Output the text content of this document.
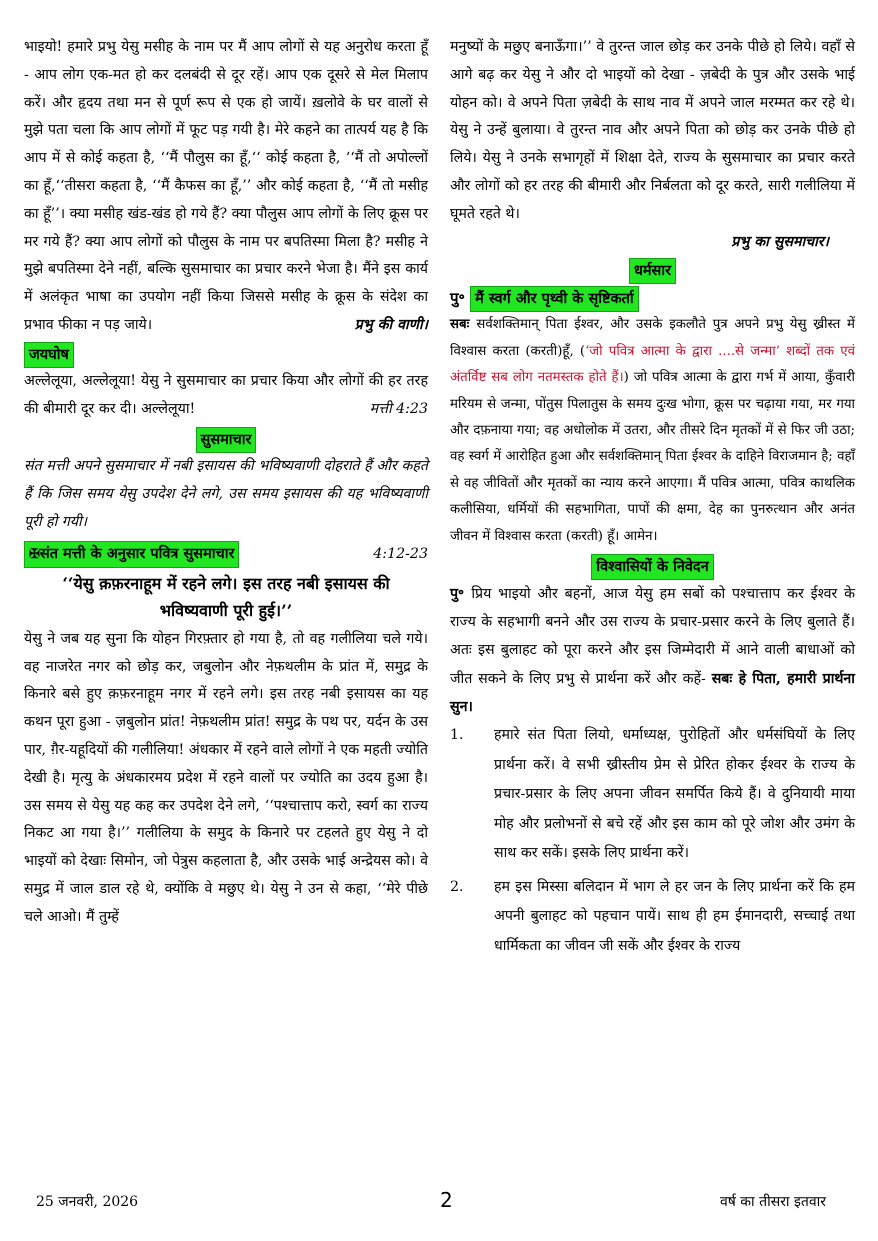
भाइयो! हमारे प्रभु येसु मसीह के नाम पर मैं आप लोगों से यह अनुरोध करता हूँ - आप लोग एक-मत हो कर दलबंदी से दूर रहें। आप एक दूसरे से मेल मिलाप करें। और हृदय तथा मन से पूर्ण रूप से एक हो जायें। ख़लोवे के घर वालों से मुझे पता चला कि आप लोगों में फूट पड़ गयी है। मेरे कहने का तात्पर्य यह है कि आप में से कोई कहता है, ‘‘मैं पौलुस का हूँ,‘‘ कोई कहता है, ‘‘मैं तो अपोल्लों का हूँ,‘‘तीसरा कहता है, ‘‘मैं कैफस का हूँ,’’ और कोई कहता है, ‘‘मैं तो मसीह का हूँ’’। क्या मसीह खंड-खंड हो गये हैं? क्या पौलुस आप लोगों के लिए क्रूस पर मर गये हैं? क्या आप लोगों को पौलुस के नाम पर बपतिस्मा मिला है? मसीह ने मुझे बपतिस्मा देने नहीं, बल्कि सुसमाचार का प्रचार करने भेजा है। मैंने इस कार्य में अलंकृत भाषा का उपयोग नहीं किया जिससे मसीह के क्रूस के संदेश का प्रभाव फीका न पड़ जाये।	प्रभु की वाणी।

जयघोष

अल्लेलूया, अल्लेलूया! येसु ने सुसमाचार का प्रचार किया और लोगों की हर तरह की बीमारी दूर कर दी। अल्लेलूया!	मत्ती 4:23

सुसमाचार

संत मत्ती अपने सुसमाचार में नबी इसायस की भविष्यवाणी दोहराते हैं और कहते हैं कि जिस समय येसु उपदेश देने लगे, उस समय इसायस की यह भविष्यवाणी पूरी हो गयी।

✠संत मत्ती के अनुसार पवित्र सुसमाचार	4:12-23

‘‘येसु क़फ़रनाहूम में रहने लगे। इस तरह नबी इसायस की भविष्यवाणी पूरी हुई।’’

येसु ने जब यह सुना कि योहन गिरफ़्तार हो गया है, तो वह गलीलिया चले गये। वह नाजरेत नगर को छोड़ कर, जबुलोन और नेफ़थलीम के प्रांत में, समुद्र के किनारे बसे हुए क़फ़रनाहूम नगर में रहने लगे। इस तरह नबी इसायस का यह कथन पूरा हुआ - ज़बुलोन प्रांत! नेफ़थलीम प्रांत! समुद्र के पथ पर, यर्दन के उस पार, ग़ैर-यहूदियों की गलीलिया! अंधकार में रहने वाले लोगों ने एक महती ज्योति देखी है। मृत्यु के अंधकारमय प्रदेश में रहने वालों पर ज्योति का उदय हुआ है। उस समय से येसु यह कह कर उपदेश देने लगे, ‘‘पश्चात्ताप करो, स्वर्ग का राज्य निकट आ गया है।’’ गलीलिया के समुद के किनारे पर टहलते हुए येसु ने दो भाइयों को देखाः सिमोन, जो पेत्रुस कहलाता है, और उसके भाई अन्द्रेयस को। वे समुद्र में जाल डाल रहे थे, क्योंकि वे मछुए थे। येसु ने उन से कहा, ‘‘मेरे पीछे चले आओ। मैं तुम्हें

मनुष्यों के मछुए बनाऊँगा।’’ वे तुरन्त जाल छोड़ कर उनके पीछे हो लिये। वहाँ से आगे बढ़ कर येसु ने और दो भाइयों को देखा - ज़बेदी के पुत्र और उसके भाई योहन को। वे अपने पिता ज़बेदी के साथ नाव में अपने जाल मरम्मत कर रहे थे। येसु ने उन्हें बुलाया। वे तुरन्त नाव और अपने पिता को छोड़ कर उनके पीछे हो लिये। येसु ने उनके सभागृहों में शिक्षा देते, राज्य के सुसमाचार का प्रचार करते और लोगों को हर तरह की बीमारी और निर्बलता को दूर करते, सारी गलीलिया में घूमते रहते थे।

प्रभु का सुसमाचार।

धर्मसार

पु॰ मैं स्वर्ग और पृथ्वी के सृष्टिकर्ता

सबः सर्वशक्तिमान् पिता ईश्वर, और उसके इकलौते पुत्र अपने प्रभु येसु ख्रीस्त में विश्वास करता (करती)हूँ, (‘जो पवित्र आत्मा के द्वारा ....से जन्मा’ शब्दों तक एवं अंतर्विष्ट सब लोग नतमस्तक होते हैं।) जो पवित्र आत्मा के द्वारा गर्भ में आया, कुँवारी मरियम से जन्मा, पोंतुस पिलातुस के समय दुःख भोगा, क्रूस पर चढ़ाया गया, मर गया और दफ़नाया गया; वह अधोलोक में उतरा, और तीसरे दिन मृतकों में से फिर जी उठा; वह स्वर्ग में आरोहित हुआ और सर्वशक्तिमान् पिता ईश्वर के दाहिने विराजमान है; वहाँ से वह जीवितों और मृतकों का न्याय करने आएगा। मैं पवित्र आत्मा, पवित्र काथलिक कलीसिया, धर्मियों की सहभागिता, पापों की क्षमा, देह का पुनरुत्थान और अनंत जीवन में विश्वास करता (करती) हूँ। आमेन।

विश्वासियों के निवेदन

पु॰ प्रिय भाइयो और बहनों, आज येसु हम सबों को पश्चात्ताप कर ईश्वर के राज्य के सहभागी बनने और उस राज्य के प्रचार-प्रसार करने के लिए बुलाते हैं। अतः इस बुलाहट को पूरा करने और इस जिम्मेदारी में आने वाली बाधाओं को जीत सकने के लिए प्रभु से प्रार्थना करें और कहें- सबः हे पिता, हमारी प्रार्थना सुन।

1.	हमारे संत पिता लियो, धर्माध्यक्ष, पुरोहितों और धर्मसंघियों के लिए प्रार्थना करें। वे सभी ख्रीस्तीय प्रेम से प्रेरित होकर ईश्वर के राज्य के प्रचार-प्रसार के लिए अपना जीवन समर्पित किये हैं। वे दुनियायी माया मोह और प्रलोभनों से बचे रहें और इस काम को पूरे जोश और उमंग के साथ कर सकें। इसके लिए प्रार्थना करें।
2.	हम इस मिस्सा बलिदान में भाग ले हर जन के लिए प्रार्थना करें कि हम अपनी बुलाहट को पहचान पायें। साथ ही हम ईमानदारी, सच्चाई तथा धार्मिकता का जीवन जी सकें और ईश्वर के राज्य
25 जनवरी, 2026	2	वर्ष का तीसरा इतवार
